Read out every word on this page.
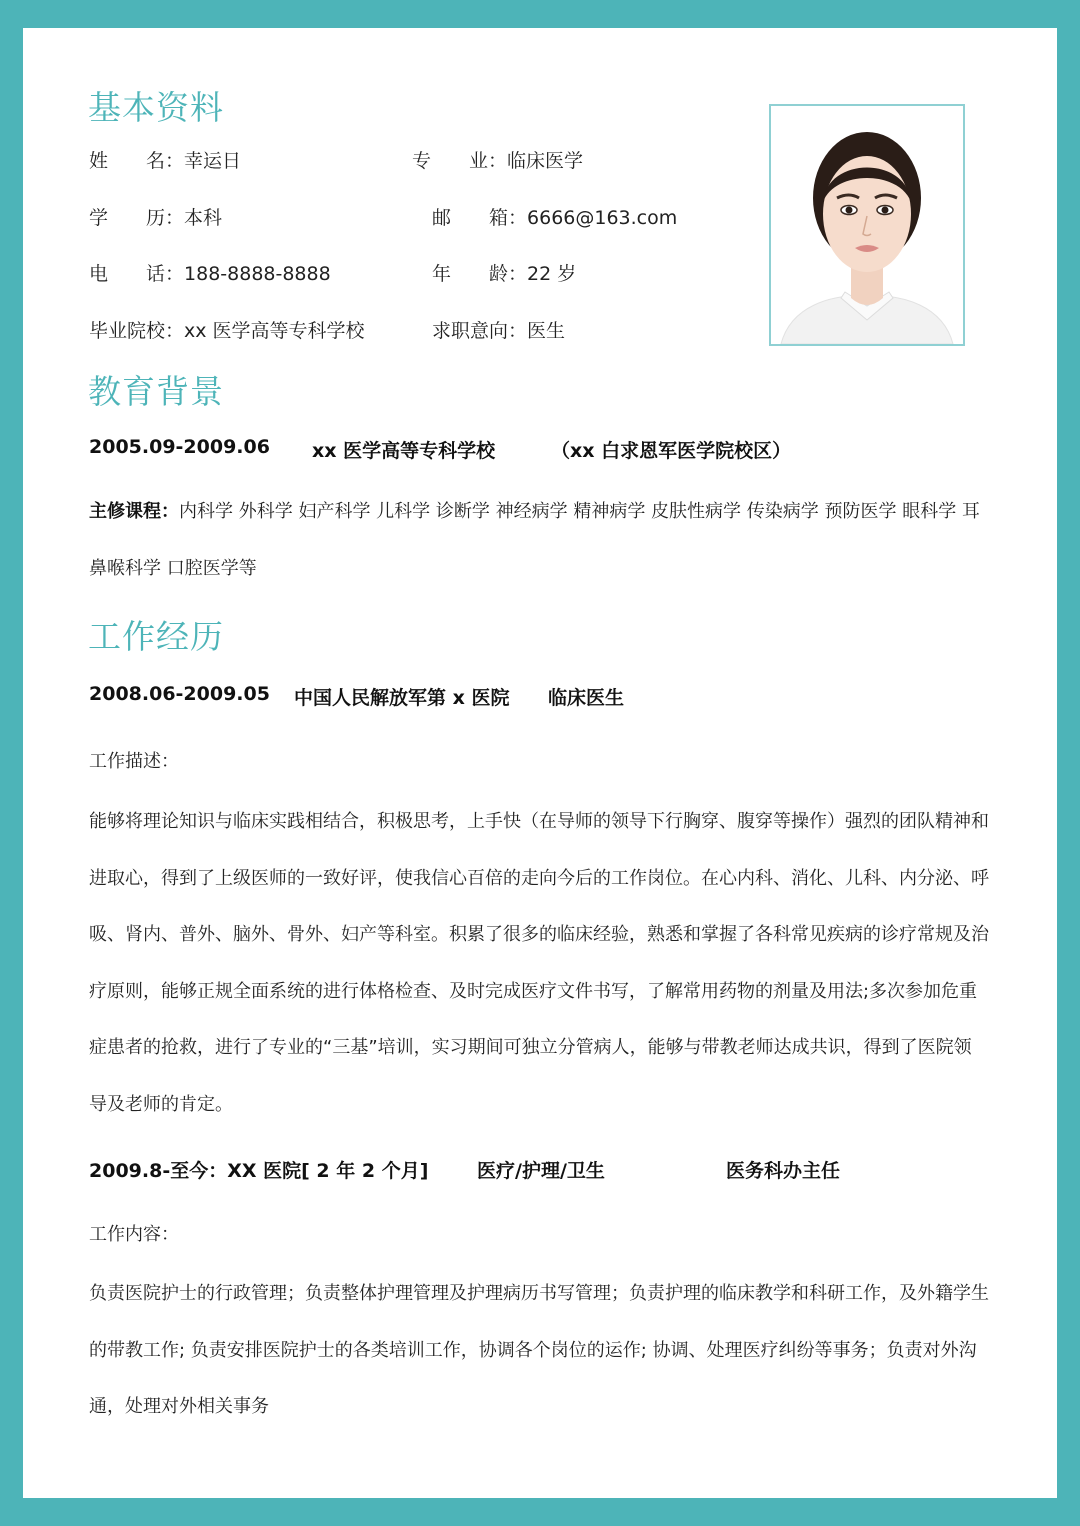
基本资料
姓　　名：幸运日	专　　业：临床医学
学　　历：本科	邮　　箱：6666@163.com
电　　话：188-8888-8888	年　　龄：22 岁
毕业院校：xx 医学高等专科学校	求职意向：医生
教育背景
2005.09-2009.06 xx 医学高等专科学校	（xx 白求恩军医学院校区）
主修课程：内科学 外科学 妇产科学 儿科学 诊断学 神经病学 精神病学 皮肤性病学 传染病学 预防医学 眼科学 耳鼻喉科学 口腔医学等
工作经历
2008.06-2009.05 中国人民解放军第 x 医院 临床医生
工作描述：
能够将理论知识与临床实践相结合，积极思考，上手快（在导师的领导下行胸穿、腹穿等操作）强烈的团队精神和进取心，得到了上级医师的一致好评，使我信心百倍的走向今后的工作岗位。在心内科、消化、儿科、内分泌、呼吸、肾内、普外、脑外、骨外、妇产等科室。积累了很多的临床经验，熟悉和掌握了各科常见疾病的诊疗常规及治疗原则，能够正规全面系统的进行体格检查、及时完成医疗文件书写，了解常用药物的剂量及用法;多次参加危重症患者的抢救，进行了专业的“三基”培训，实习期间可独立分管病人，能够与带教老师达成共识，得到了医院领导及老师的肯定。
2009.8-至今：XX 医院[ 2 年 2 个月]	医疗/护理/卫生	医务科办主任
工作内容：
负责医院护士的行政管理；负责整体护理管理及护理病历书写管理；负责护理的临床教学和科研工作，及外籍学生的带教工作; 负责安排医院护士的各类培训工作，协调各个岗位的运作; 协调、处理医疗纠纷等事务；负责对外沟通，处理对外相关事务
